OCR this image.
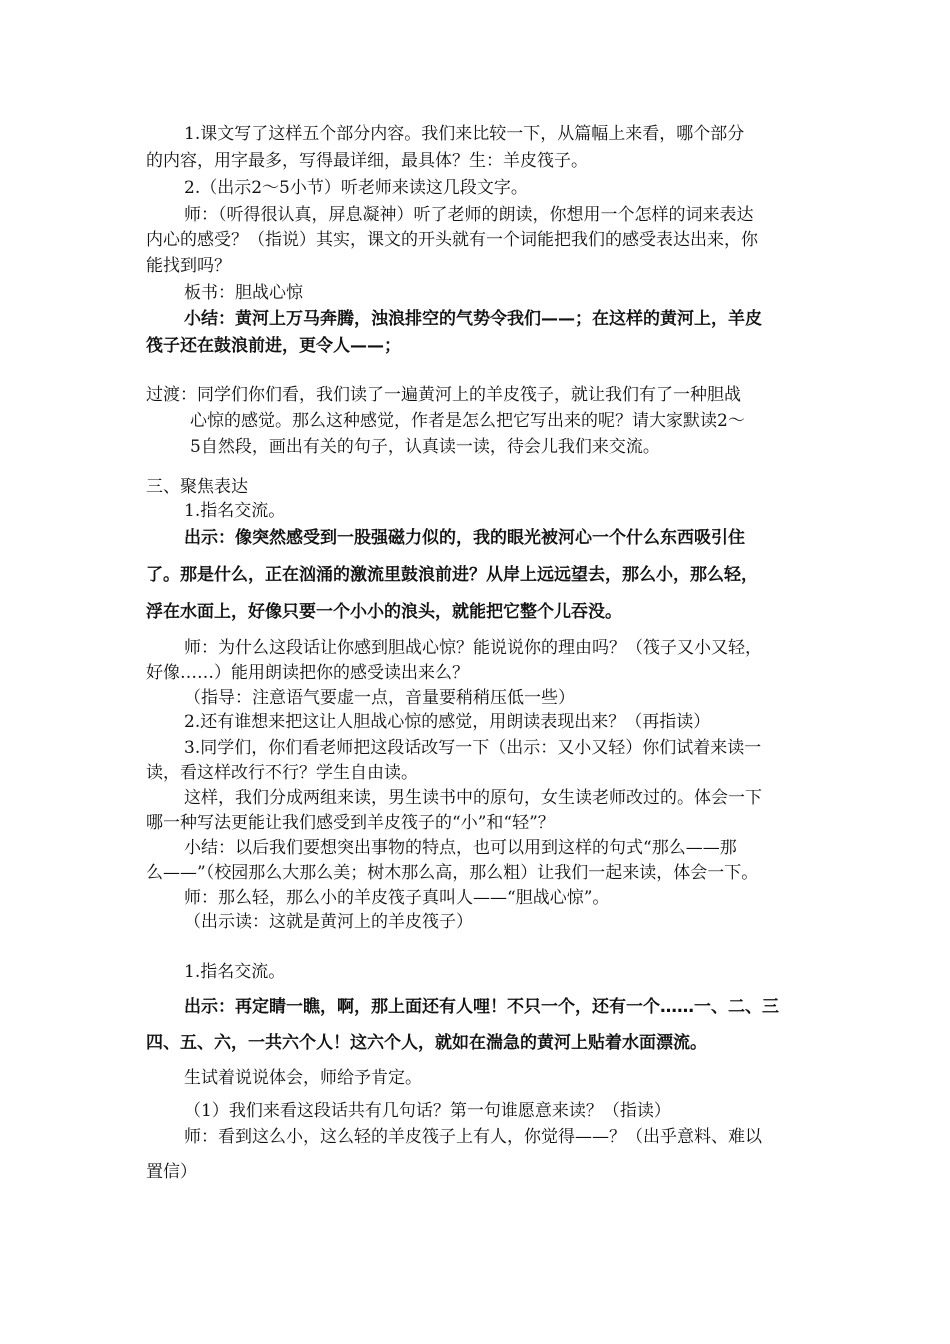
1.课文写了这样五个部分内容。我们来比较一下，从篇幅上来看，哪个部分
的内容，用字最多，写得最详细，最具体？生：羊皮筏子。
2.（出示2～5小节）听老师来读这几段文字。
师：（听得很认真，屏息凝神）听了老师的朗读，你想用一个怎样的词来表达
内心的感受？（指说）其实，课文的开头就有一个词能把我们的感受表达出来，你
能找到吗？
板书：胆战心惊
小结：黄河上万马奔腾，浊浪排空的气势令我们——；在这样的黄河上，羊皮
筏子还在鼓浪前进，更令人——；
过渡：同学们你们看，我们读了一遍黄河上的羊皮筏子，就让我们有了一种胆战
心惊的感觉。那么这种感觉，作者是怎么把它写出来的呢？请大家默读2～
5自然段，画出有关的句子，认真读一读，待会儿我们来交流。
三、聚焦表达
1.指名交流。
出示：像突然感受到一股强磁力似的，我的眼光被河心一个什么东西吸引住
了。那是什么，正在汹涌的激流里鼓浪前进？从岸上远远望去，那么小，那么轻，
浮在水面上，好像只要一个小小的浪头，就能把它整个儿吞没。
师：为什么这段话让你感到胆战心惊？能说说你的理由吗？（筏子又小又轻，
好像……）能用朗读把你的感受读出来么？
（指导：注意语气要虚一点，音量要稍稍压低一些）
2.还有谁想来把这让人胆战心惊的感觉，用朗读表现出来？（再指读）
3.同学们，你们看老师把这段话改写一下（出示：又小又轻）你们试着来读一
读，看这样改行不行？学生自由读。
这样，我们分成两组来读，男生读书中的原句，女生读老师改过的。体会一下
哪一种写法更能让我们感受到羊皮筏子的“小”和“轻”？
小结：以后我们要想突出事物的特点，也可以用到这样的句式“那么——那
么——”（校园那么大那么美；树木那么高，那么粗）让我们一起来读，体会一下。
师：那么轻，那么小的羊皮筏子真叫人——“胆战心惊”。
（出示读：这就是黄河上的羊皮筏子）
1.指名交流。
出示：再定睛一瞧，啊，那上面还有人哩！不只一个，还有一个……一、二、三
四、五、六，一共六个人！这六个人，就如在湍急的黄河上贴着水面漂流。
生试着说说体会，师给予肯定。
（1）我们来看这段话共有几句话？第一句谁愿意来读？（指读）
师：看到这么小，这么轻的羊皮筏子上有人，你觉得——？（出乎意料、难以
置信）
